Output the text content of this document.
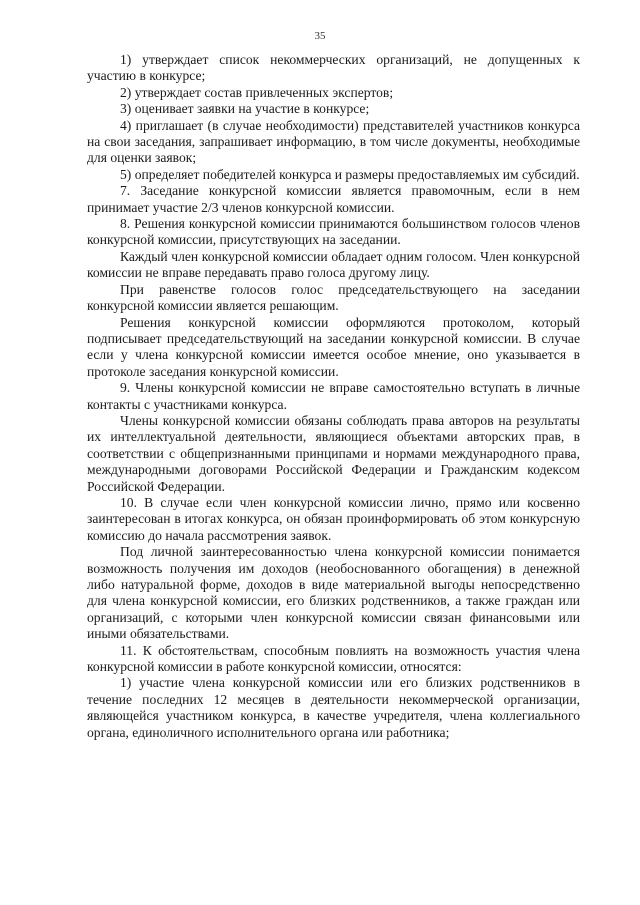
35

1) утверждает список некоммерческих организаций, не допущенных к участию в конкурсе;

2) утверждает состав привлеченных экспертов;

3) оценивает заявки на участие в конкурсе;

4) приглашает (в случае необходимости) представителей участников конкурса на свои заседания, запрашивает информацию, в том числе документы, необходимые для оценки заявок;

5) определяет победителей конкурса и размеры предоставляемых им субсидий.

7. Заседание конкурсной комиссии является правомочным, если в нем принимает участие 2/3 членов конкурсной комиссии.

8. Решения конкурсной комиссии принимаются большинством голосов членов конкурсной комиссии, присутствующих на заседании.

Каждый член конкурсной комиссии обладает одним голосом. Член конкурсной комиссии не вправе передавать право голоса другому лицу.

При равенстве голосов голос председательствующего на заседании конкурсной комиссии является решающим.

Решения конкурсной комиссии оформляются протоколом, который подписывает председательствующий на заседании конкурсной комиссии. В случае если у члена конкурсной комиссии имеется особое мнение, оно указывается в протоколе заседания конкурсной комиссии.

9. Члены конкурсной комиссии не вправе самостоятельно вступать в личные контакты с участниками конкурса.

Члены конкурсной комиссии обязаны соблюдать права авторов на результаты их интеллектуальной деятельности, являющиеся объектами авторских прав, в соответствии с общепризнанными принципами и нормами международного права, международными договорами Российской Федерации и Гражданским кодексом Российской Федерации.

10. В случае если член конкурсной комиссии лично, прямо или косвенно заинтересован в итогах конкурса, он обязан проинформировать об этом конкурсную комиссию до начала рассмотрения заявок.

Под личной заинтересованностью члена конкурсной комиссии понимается возможность получения им доходов (необоснованного обогащения) в денежной либо натуральной форме, доходов в виде материальной выгоды непосредственно для члена конкурсной комиссии, его близких родственников, а также граждан или организаций, с которыми член конкурсной комиссии связан финансовыми или иными обязательствами.

11. К обстоятельствам, способным повлиять на возможность участия члена конкурсной комиссии в работе конкурсной комиссии, относятся:

1) участие члена конкурсной комиссии или его близких родственников в течение последних 12 месяцев в деятельности некоммерческой организации, являющейся участником конкурса, в качестве учредителя, члена коллегиального органа, единоличного исполнительного органа или работника;
